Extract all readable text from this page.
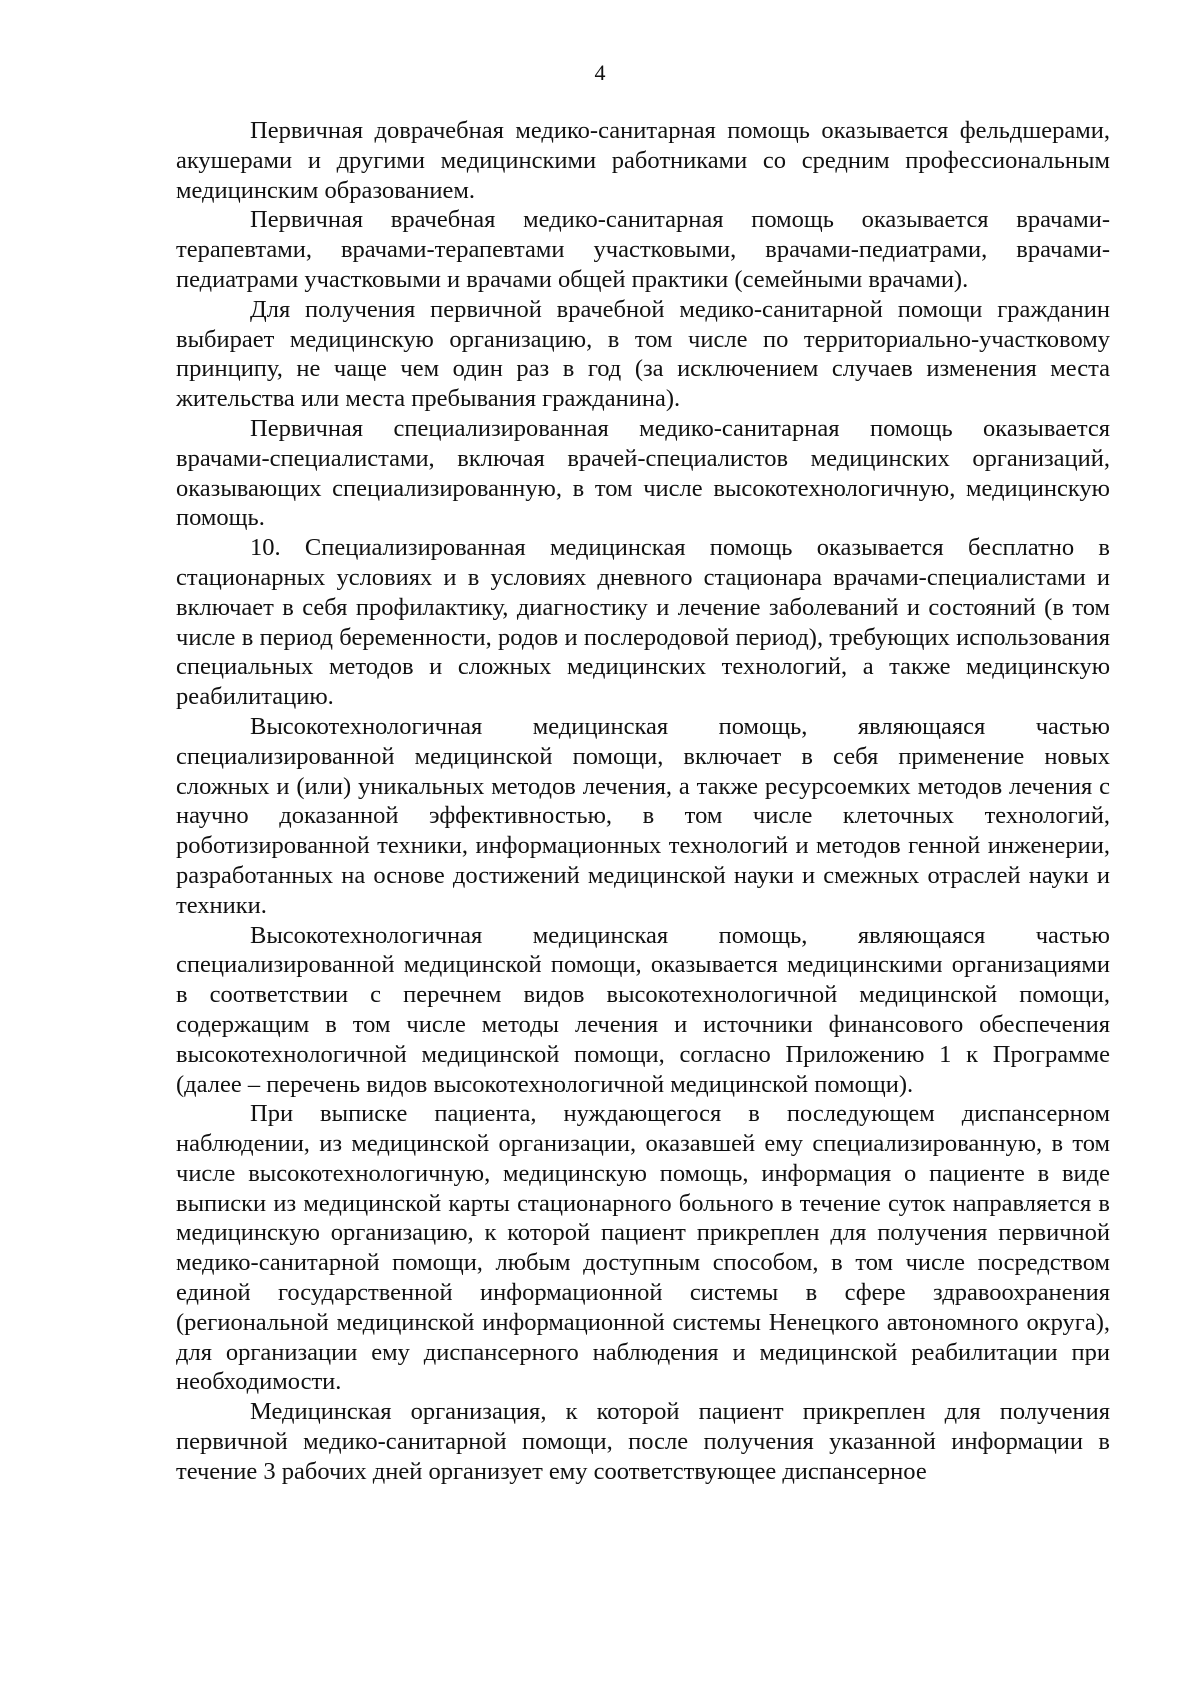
4

Первичная доврачебная медико-санитарная помощь оказывается фельдшерами, акушерами и другими медицинскими работниками со средним профессиональным медицинским образованием.

Первичная врачебная медико-санитарная помощь оказывается врачами-терапевтами, врачами-терапевтами участковыми, врачами-педиатрами, врачами-педиатрами участковыми и врачами общей практики (семейными врачами).

Для получения первичной врачебной медико-санитарной помощи гражданин выбирает медицинскую организацию, в том числе по территориально-участковому принципу, не чаще чем один раз в год (за исключением случаев изменения места жительства или места пребывания гражданина).

Первичная специализированная медико-санитарная помощь оказывается врачами-специалистами, включая врачей-специалистов медицинских организаций, оказывающих специализированную, в том числе высокотехнологичную, медицинскую помощь.

10. Специализированная медицинская помощь оказывается бесплатно в стационарных условиях и в условиях дневного стационара врачами-специалистами и включает в себя профилактику, диагностику и лечение заболеваний и состояний (в том числе в период беременности, родов и послеродовой период), требующих использования специальных методов и сложных медицинских технологий, а также медицинскую реабилитацию.

Высокотехнологичная медицинская помощь, являющаяся частью специализированной медицинской помощи, включает в себя применение новых сложных и (или) уникальных методов лечения, а также ресурсоемких методов лечения с научно доказанной эффективностью, в том числе клеточных технологий, роботизированной техники, информационных технологий и методов генной инженерии, разработанных на основе достижений медицинской науки и смежных отраслей науки и техники.

Высокотехнологичная медицинская помощь, являющаяся частью специализированной медицинской помощи, оказывается медицинскими организациями в соответствии с перечнем видов высокотехнологичной медицинской помощи, содержащим в том числе методы лечения и источники финансового обеспечения высокотехнологичной медицинской помощи, согласно Приложению 1 к Программе (далее – перечень видов высокотехнологичной медицинской помощи).

При выписке пациента, нуждающегося в последующем диспансерном наблюдении, из медицинской организации, оказавшей ему специализированную, в том числе высокотехнологичную, медицинскую помощь, информация о пациенте в виде выписки из медицинской карты стационарного больного в течение суток направляется в медицинскую организацию, к которой пациент прикреплен для получения первичной медико-санитарной помощи, любым доступным способом, в том числе посредством единой государственной информационной системы в сфере здравоохранения (региональной медицинской информационной системы Ненецкого автономного округа), для организации ему диспансерного наблюдения и медицинской реабилитации при необходимости.

Медицинская организация, к которой пациент прикреплен для получения первичной медико-санитарной помощи, после получения указанной информации в течение 3 рабочих дней организует ему соответствующее диспансерное
